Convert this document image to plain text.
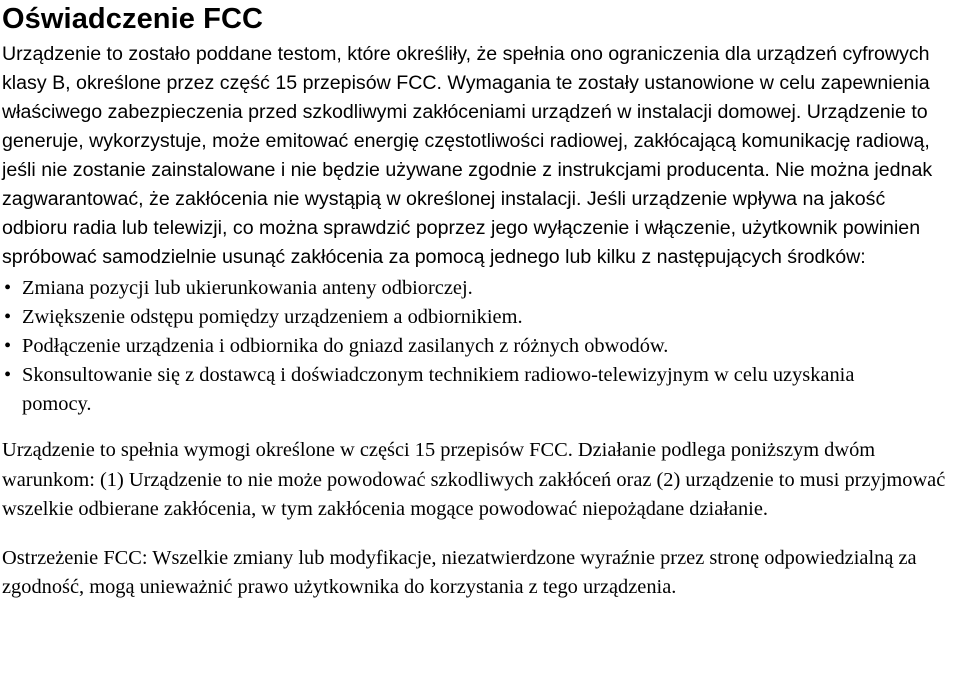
Oświadczenie FCC

Urządzenie to zostało poddane testom, które określiły, że spełnia ono ograniczenia dla urządzeń cyfrowych klasy B, określone przez część 15 przepisów FCC. Wymagania te zostały ustanowione w celu zapewnienia właściwego zabezpieczenia przed szkodliwymi zakłóceniami urządzeń w instalacji domowej. Urządzenie to generuje, wykorzystuje, może emitować energię częstotliwości radiowej, zakłócającą komunikację radiową, jeśli nie zostanie zainstalowane i nie będzie używane zgodnie z instrukcjami producenta. Nie można jednak zagwarantować, że zakłócenia nie wystąpią w określonej instalacji. Jeśli urządzenie wpływa na jakość odbioru radia lub telewizji, co można sprawdzić poprzez jego wyłączenie i włączenie, użytkownik powinien spróbować samodzielnie usunąć zakłócenia za pomocą jednego lub kilku z następujących środków:

• Zmiana pozycji lub ukierunkowania anteny odbiorczej.
• Zwiększenie odstępu pomiędzy urządzeniem a odbiornikiem.
• Podłączenie urządzenia i odbiornika do gniazd zasilanych z różnych obwodów.
• Skonsultowanie się z dostawcą i doświadczonym technikiem radiowo-telewizyjnym w celu uzyskania pomocy.

Urządzenie to spełnia wymogi określone w części 15 przepisów FCC. Działanie podlega poniższym dwóm warunkom: (1) Urządzenie to nie może powodować szkodliwych zakłóceń oraz (2) urządzenie to musi przyjmować wszelkie odbierane zakłócenia, w tym zakłócenia mogące powodować niepożądane działanie.

Ostrzeżenie FCC: Wszelkie zmiany lub modyfikacje, niezatwierdzone wyraźnie przez stronę odpowiedzialną za zgodność, mogą unieważnić prawo użytkownika do korzystania z tego urządzenia.
